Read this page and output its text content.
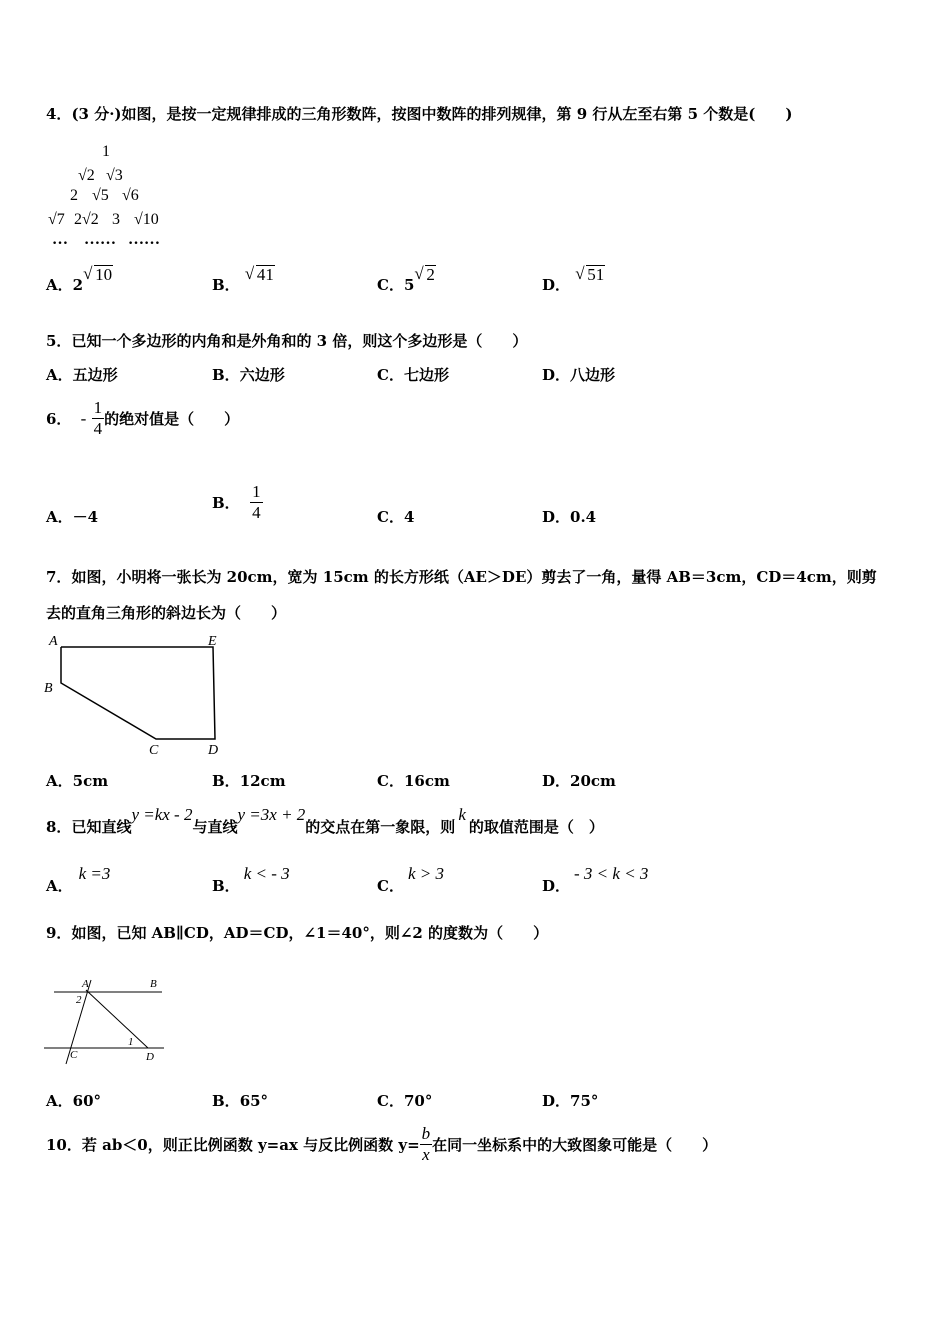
4．(3 分·)如图，是按一定规律排成的三角形数阵，按图中数阵的排列规律，第 9 行从左至右第 5 个数是(　　)
1
√2 √3
2 √5 √6
√7 2√2 3 √10
… …… ……
A．2
√ 10
B．
√ 41
C．5
√ 2
D．
√ 51
5．已知一个多边形的内角和是外角和的 3 倍，则这个多边形是（　　）
A．五边形	B．六边形	C．七边形	D．八边形
6． - $\frac{1}{4}$ 的绝对值是（　　）
A．－4
B． $\frac{1}{4}$	C．4	D．0.4
7．如图，小明将一张长为 20cm，宽为 15cm 的长方形纸（AE＞DE）剪去了一角，量得 AB＝3cm，CD＝4cm，则剪
去的直角三角形的斜边长为（　　）
A	E
B
C	D
A．5cm	B．12cm	C．16cm	D．20cm
8．已知直线y =kx - 2与直线y =3x + 2的交点在第一象限，则k的取值范围是（　）
A．k =3
B．k < - 3
C．k > 3
D．- 3 < k < 3
9．如图，已知 AB∥CD，AD＝CD，∠1＝40°，则∠2 的度数为（　　）
A	B
2
C
1
D
A．60°	B．65°	C．70°	D．75°
10．若 ab＜0，则正比例函数 y=ax 与反比例函数 $y= \frac{b}{x}$ 在同一坐标系中的大致图象可能是（　　）
